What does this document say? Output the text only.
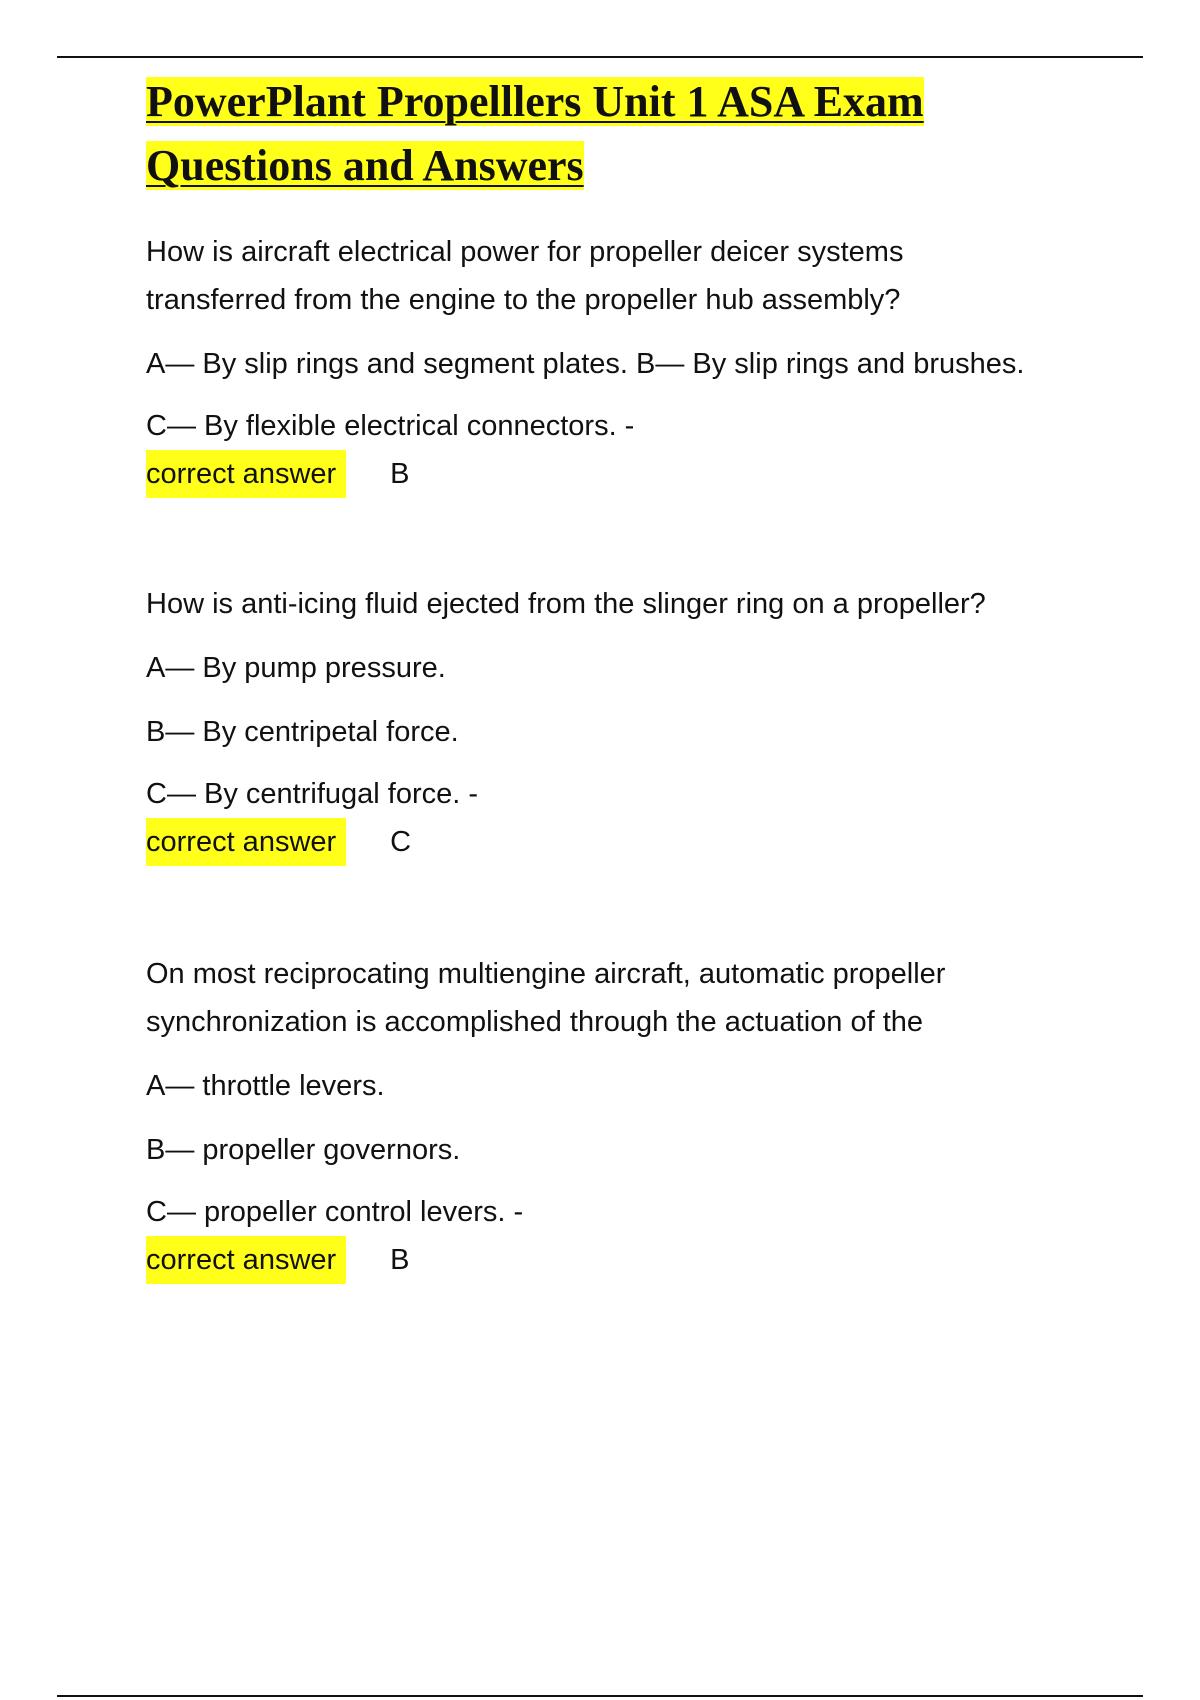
PowerPlant Propelllers Unit 1 ASA Exam
Questions and Answers

How is aircraft electrical power for propeller deicer systems
transferred from the engine to the propeller hub assembly?

A— By slip rings and segment plates. B— By slip rings and brushes.

C— By flexible electrical connectors. -

correct answer	B

How is anti-icing fluid ejected from the slinger ring on a propeller?

A— By pump pressure.

B— By centripetal force.

C— By centrifugal force. -

correct answer	C

On most reciprocating multiengine aircraft, automatic propeller
synchronization is accomplished through the actuation of the

A— throttle levers.

B— propeller governors.

C— propeller control levers. -

correct answer	B
